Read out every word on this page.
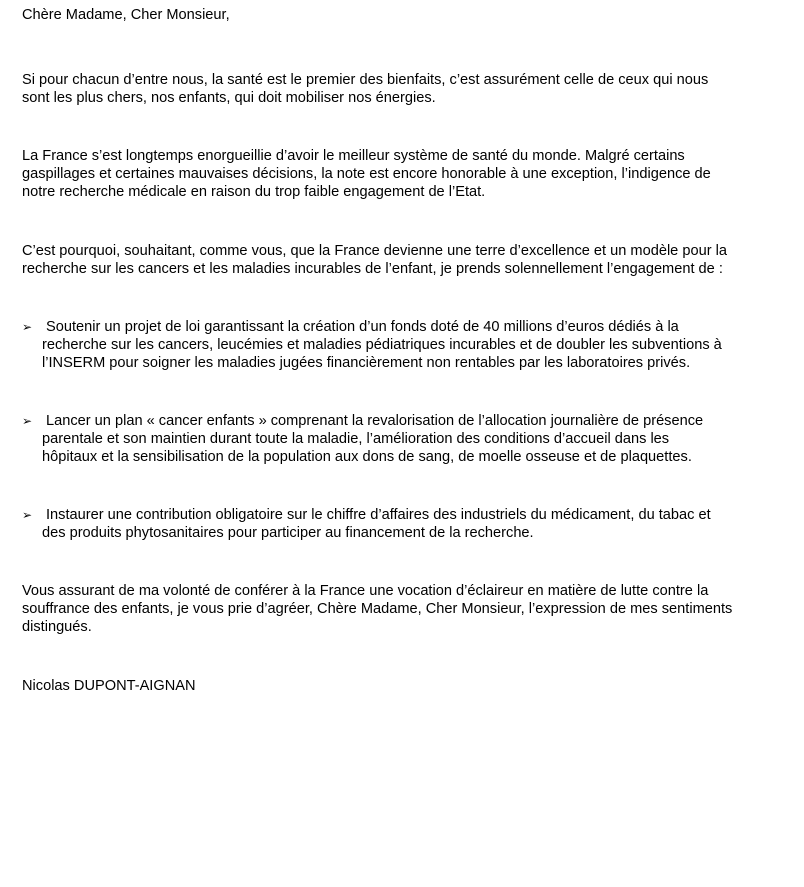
Chère Madame, Cher Monsieur,

Si pour chacun d’entre nous, la santé est le premier des bienfaits, c’est assurément celle de ceux qui nous
sont les plus chers, nos enfants, qui doit mobiliser nos énergies.

La France s’est longtemps enorgueillie d’avoir le meilleur système de santé du monde. Malgré certains
gaspillages et certaines mauvaises décisions, la note est encore honorable à une exception, l’indigence de
notre recherche médicale en raison du trop faible engagement de l’Etat.

C’est pourquoi, souhaitant, comme vous, que la France devienne une terre d’excellence et un modèle pour la
recherche sur les cancers et les maladies incurables de l’enfant, je prends solennellement l’engagement de :

➢ Soutenir un projet de loi garantissant la création d’un fonds doté de 40 millions d’euros dédiés à la
recherche sur les cancers, leucémies et maladies pédiatriques incurables et de doubler les subventions à
l’INSERM pour soigner les maladies jugées financièrement non rentables par les laboratoires privés.
➢ Lancer un plan « cancer enfants » comprenant la revalorisation de l’allocation journalière de présence
parentale et son maintien durant toute la maladie, l’amélioration des conditions d’accueil dans les
hôpitaux et la sensibilisation de la population aux dons de sang, de moelle osseuse et de plaquettes.
➢ Instaurer une contribution obligatoire sur le chiffre d’affaires des industriels du médicament, du tabac et
des produits phytosanitaires pour participer au financement de la recherche.

Vous assurant de ma volonté de conférer à la France une vocation d’éclaireur en matière de lutte contre la
souffrance des enfants, je vous prie d’agréer, Chère Madame, Cher Monsieur, l’expression de mes sentiments
distingués.

Nicolas DUPONT-AIGNAN
